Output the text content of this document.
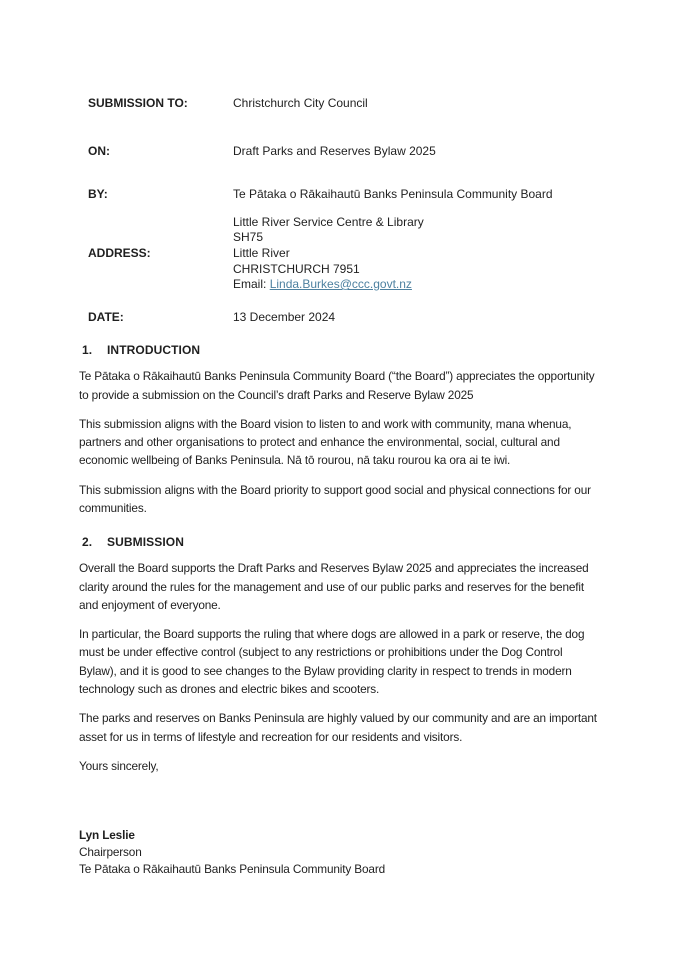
SUBMISSION TO:	Christchurch City Council
ON:	Draft Parks and Reserves Bylaw 2025
BY:	Te Pātaka o Rākaihautū Banks Peninsula Community Board
ADDRESS:
Little River Service Centre & Library
SH75
Little River
CHRISTCHURCH 7951
Email: Linda.Burkes@ccc.govt.nz
DATE:	13 December 2024
1. INTRODUCTION

Te Pātaka o Rākaihautū Banks Peninsula Community Board (“the Board”) appreciates the opportunity to provide a submission on the Council’s draft Parks and Reserve Bylaw 2025

This submission aligns with the Board vision to listen to and work with community, mana whenua, partners and other organisations to protect and enhance the environmental, social, cultural and economic wellbeing of Banks Peninsula. Nā tō rourou, nā taku rourou ka ora ai te iwi.

This submission aligns with the Board priority to support good social and physical connections for our communities.

2. SUBMISSION

Overall the Board supports the Draft Parks and Reserves Bylaw 2025 and appreciates the increased clarity around the rules for the management and use of our public parks and reserves for the benefit and enjoyment of everyone.

In particular, the Board supports the ruling that where dogs are allowed in a park or reserve, the dog must be under effective control (subject to any restrictions or prohibitions under the Dog Control Bylaw), and it is good to see changes to the Bylaw providing clarity in respect to trends in modern technology such as drones and electric bikes and scooters.

The parks and reserves on Banks Peninsula are highly valued by our community and are an important asset for us in terms of lifestyle and recreation for our residents and visitors.

Yours sincerely,

Lyn Leslie
Chairperson
Te Pātaka o Rākaihautū Banks Peninsula Community Board
